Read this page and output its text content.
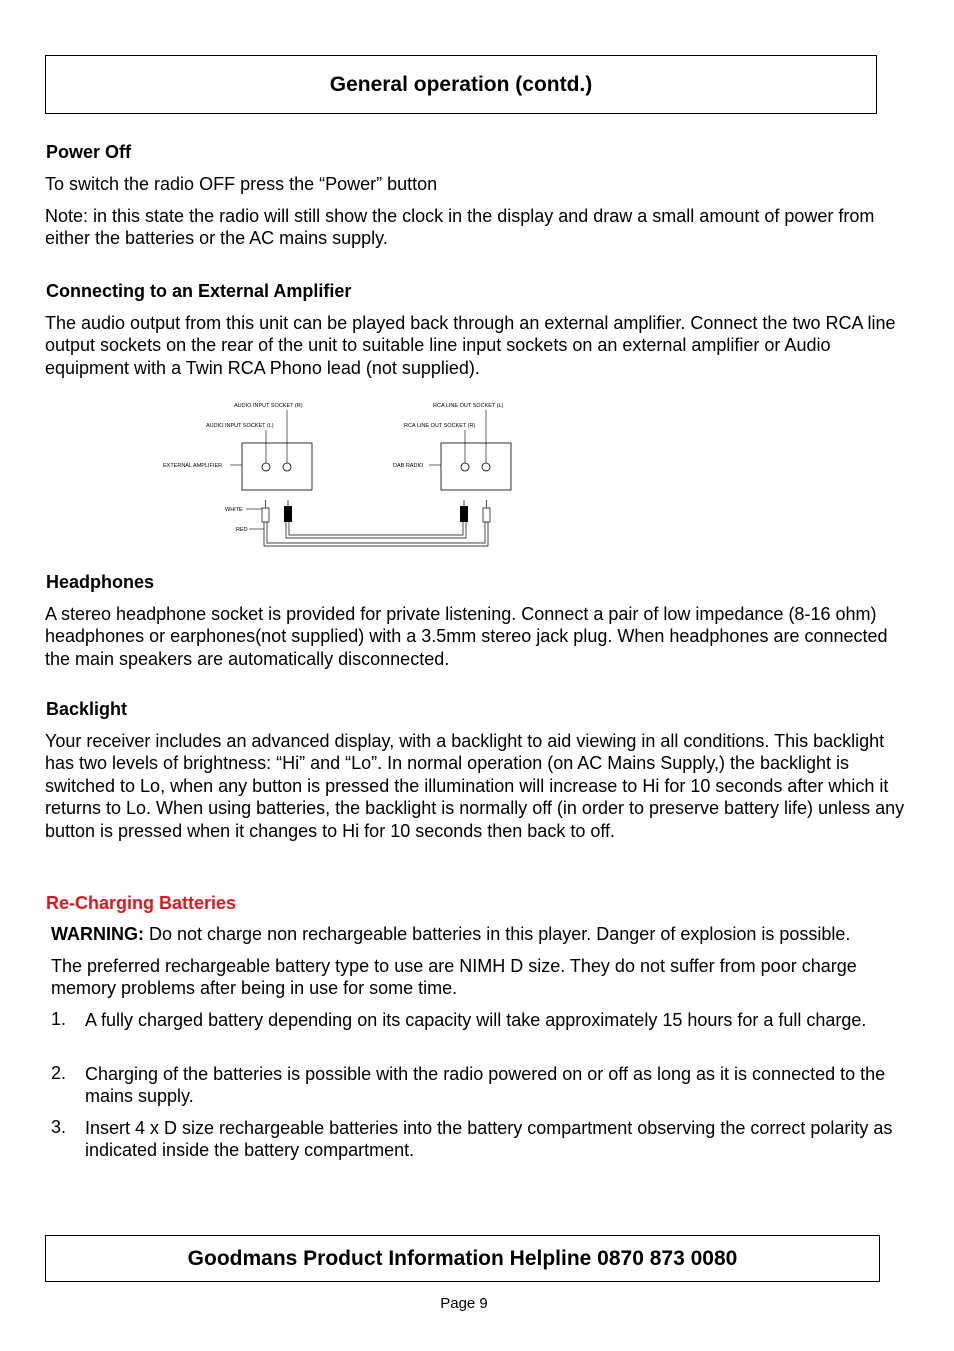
General operation (contd.)
Power Off

To switch the radio OFF press the “Power” button

Note: in this state the radio will still show the clock in the display and draw a small amount of power from either the batteries or the AC mains supply.

Connecting to an External Amplifier

The audio output from this unit can be played back through an external amplifier. Connect the two RCA line output sockets on the rear of the unit to suitable line input sockets on an external amplifier or Audio equipment with a Twin RCA Phono lead (not supplied).

AUDIO INPUT SOCKET (R)
AUDIO INPUT SOCKET (L)
RCA LINE OUT SOCKET (L)
RCA LINE OUT SOCKET (R)
EXTERNAL AMPLIFIER	DAB RADIO
WHITE
RED
Headphones

A stereo headphone socket is provided for private listening. Connect a pair of low impedance (8-16 ohm) headphones or earphones(not supplied) with a 3.5mm stereo jack plug. When headphones are connected the main speakers are automatically disconnected.

Backlight

Your receiver includes an advanced display, with a backlight to aid viewing in all conditions. This backlight has two levels of brightness: “Hi” and “Lo”. In normal operation (on AC Mains Supply,) the backlight is switched to Lo, when any button is pressed the illumination will increase to Hi for 10 seconds after which it returns to Lo. When using batteries, the backlight is normally off (in order to preserve battery life) unless any button is pressed when it changes to Hi for 10 seconds then back to off.

Re-Charging Batteries

WARNING: Do not charge non rechargeable batteries in this player. Danger of explosion is possible.

The preferred rechargeable battery type to use are NIMH D size. They do not suffer from poor charge memory problems after being in use for some time.

1. A fully charged battery depending on its capacity will take approximately 15 hours for a full charge.
2. Charging of the batteries is possible with the radio powered on or off as long as it is connected to the mains supply.
3. Insert 4 x D size rechargeable batteries into the battery compartment observing the correct polarity as indicated inside the battery compartment.
Goodmans Product Information Helpline 0870 873 0080
Page 9
